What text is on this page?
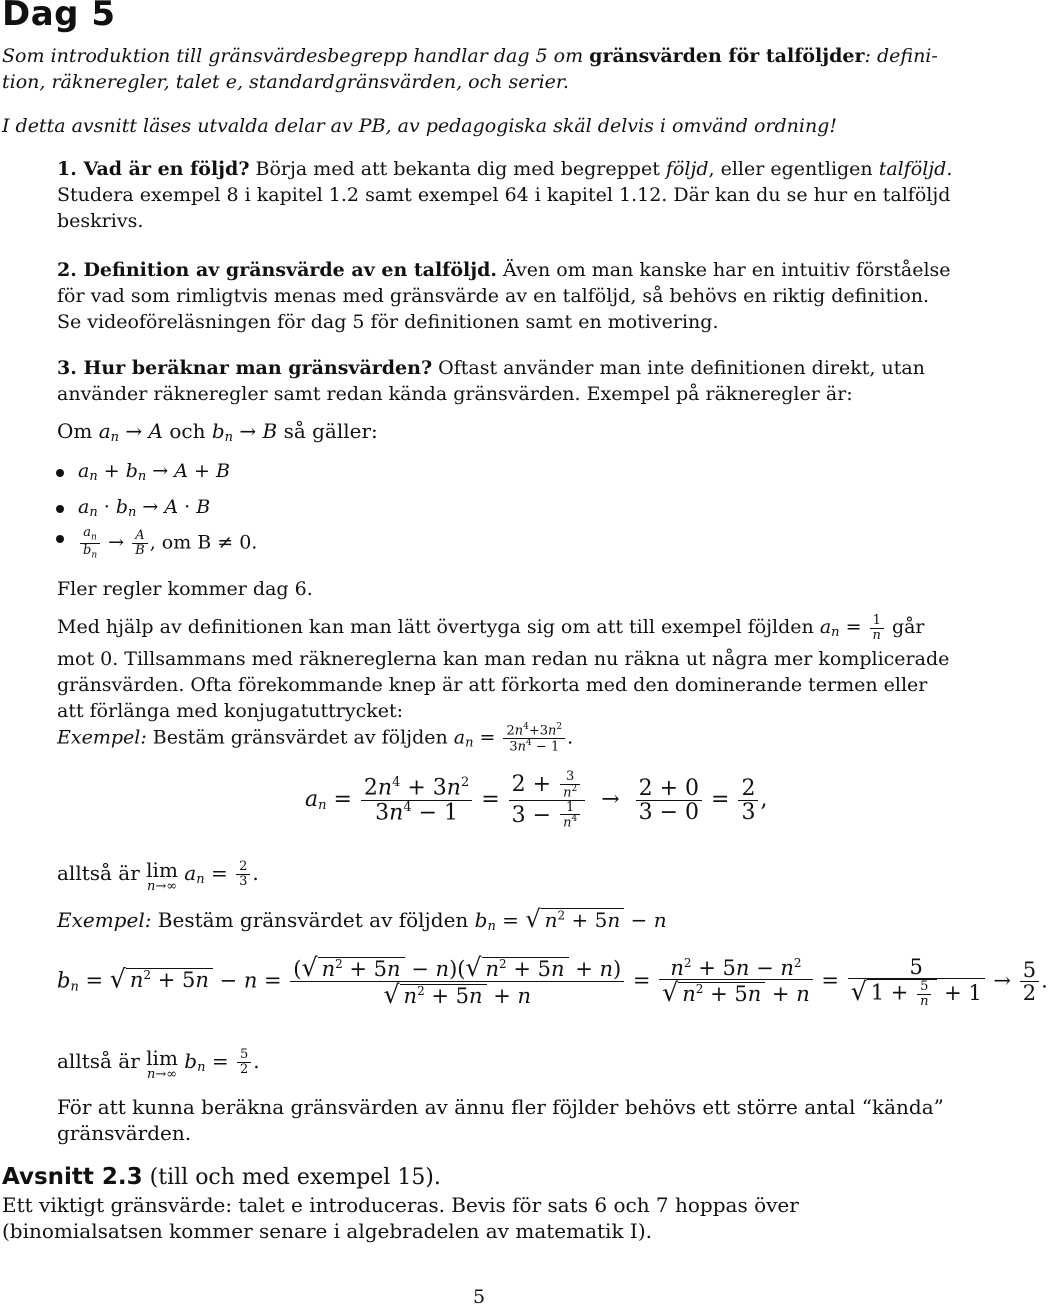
Dag 5

Som introduktion till gränsvärdesbegrepp handlar dag 5 om gränsvärden för talföljder: defini-
tion, räkneregler, talet e, standardgränsvärden, och serier.

I detta avsnitt läses utvalda delar av PB, av pedagogiska skäl delvis i omvänd ordning!

1. Vad är en följd? Börja med att bekanta dig med begreppet följd, eller egentligen talföljd. Studera exempel 8 i kapitel 1.2 samt exempel 64 i kapitel 1.12. Där kan du se hur en talföljd beskrivs.

2. Definition av gränsvärde av en talföljd. Även om man kanske har en intuitiv förståelse för vad som rimligtvis menas med gränsvärde av en talföljd, så behövs en riktig definition. Se videoföreläsningen för dag 5 för definitionen samt en motivering.

3. Hur beräknar man gränsvärden? Oftast använder man inte definitionen direkt, utan använder räkneregler samt redan kända gränsvärden. Exempel på räkneregler är:

Om $a_n \to A$ och $b_n \to B$ så gäller:

$a_n + b_n \to A + B$
$a_n \cdot b_n \to A \cdot B$
$\frac{a_n}{b_n} \to \frac{A}{B}$ , om B ≠ 0.

Fler regler kommer dag 6.

Med hjälp av definitionen kan man lätt övertyga sig om att till exempel föjlden $a_n = \frac{1}{n}$ går mot 0. Tillsammans med räknereglerna kan man redan nu räkna ut några mer komplicerade gränsvärden. Ofta förekommande knep är att förkorta med den dominerande termen eller att förlänga med konjugatuttrycket:

Exempel: Bestäm gränsvärdet av följden $a_n = \frac{2n^4+3n^2}{3n^4 - 1}$ .

$a_n = \frac{2n^4 + 3n^2}{3n^4 - 1} = \frac{2 + \frac{3}{n^2}}{3 - \frac{1}{n^4}} \to \frac{2 + 0}{3 - 0} = \frac{2}{3}$ ,

alltså är lim
n→∞
$a_n = \frac{2}{3}$ .

Exempel: Bestäm gränsvärdet av följden $b_n$ = √ $n^2 + 5n - n$

$b_n$ = √ $n^2 + 5n - n = \frac{(√ n^2 + 5n - n)(√ n^2 + 5n + n)}{√ n^2 + 5n + n} = \frac{n^2 + 5n - n^2}{√ n^2 + 5n + n} = \frac{5}{√ 1 + \frac{5}{n} + 1} \to \frac{5}{2}$ .

alltså är lim
n→∞
$b_n = \frac{5}{2}$ .

För att kunna beräkna gränsvärden av ännu fler föjlder behövs ett större antal “kända” gränsvärden.

Avsnitt 2.3 (till och med exempel 15).

Ett viktigt gränsvärde: talet e introduceras. Bevis för sats 6 och 7 hoppas över (binomialsatsen kommer senare i algebradelen av matematik I).

5
